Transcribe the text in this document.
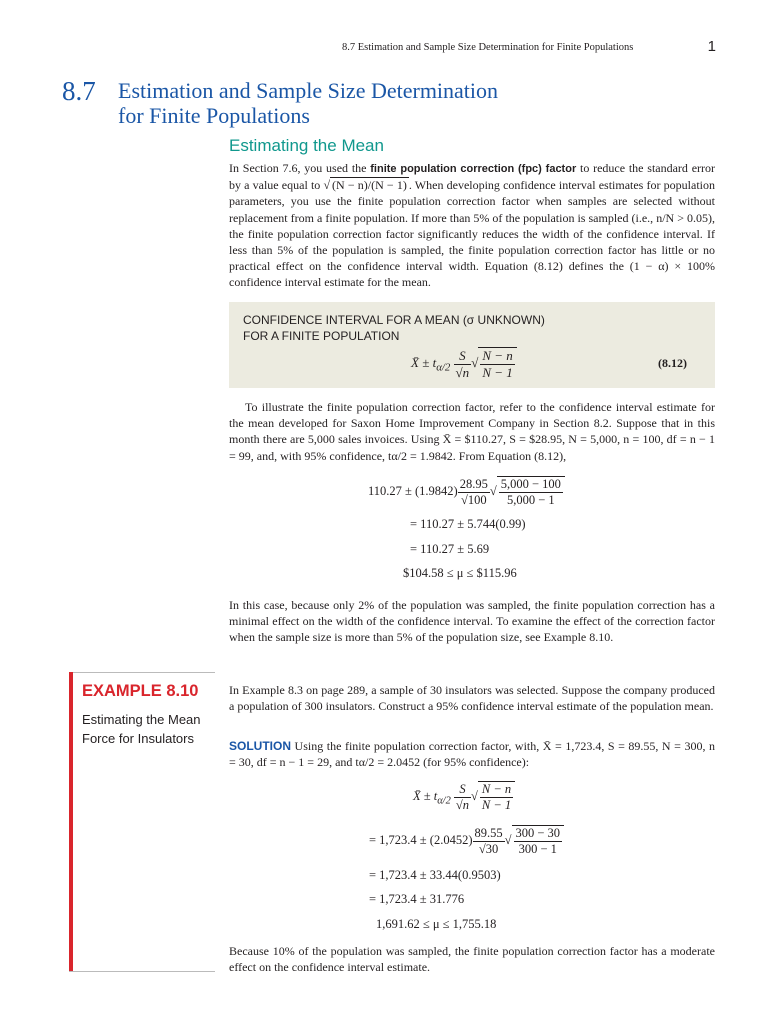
8.7 Estimation and Sample Size Determination for Finite Populations	1
8.7 Estimation and Sample Size Determination
for Finite Populations
Estimating the Mean
In Section 7.6, you used the finite population correction (fpc) factor to reduce the standard error by a value equal to √ (N − n)/(N − 1) . When developing confidence interval estimates for population parameters, you use the finite population correction factor when samples are selected without replacement from a finite population. If more than 5% of the population is sampled (i.e., n/N > 0.05), the finite population correction factor significantly reduces the width of the confidence interval. If less than 5% of the population is sampled, the finite population correction factor has little or no practical effect on the confidence interval width. Equation (8.12) defines the (1 − α) × 100% confidence interval estimate for the mean.
CONFIDENCE INTERVAL FOR A MEAN (σ UNKNOWN)
FOR A FINITE POPULATION
X̄ ± $t_{\alpha/2} \frac{S}{√n}$ √ $\frac{N - n}{N - 1}$	(8.12)
To illustrate the finite population correction factor, refer to the confidence interval estimate for the mean developed for Saxon Home Improvement Company in Section 8.2. Suppose that in this month there are 5,000 sales invoices. Using X̄ = $110.27, S = $28.95, N = 5,000, n = 100, df = n − 1 = 99, and, with 95% confidence, tα/2 = 1.9842. From Equation (8.12),
$110.27 \pm (1.9842) \frac{28.95}{√100}$ √ $\frac{5,000 - 100}{5,000 - 1}$
= 110.27 ± 5.744(0.99)
= 110.27 ± 5.69
$104.58 ≤ μ ≤ $115.96
In this case, because only 2% of the population was sampled, the finite population correction has a minimal effect on the width of the confidence interval. To examine the effect of the correction factor when the sample size is more than 5% of the population size, see Example 8.10.
EXAMPLE 8.10
Estimating the Mean Force for Insulators
In Example 8.3 on page 289, a sample of 30 insulators was selected. Suppose the company produced a population of 300 insulators. Construct a 95% confidence interval estimate of the population mean.
SOLUTION Using the finite population correction factor, with, X̄ = 1,723.4, S = 89.55, N = 300, n = 30, df = n − 1 = 29, and tα/2 = 2.0452 (for 95% confidence):
X̄ ± $t_{\alpha/2} \frac{S}{√n}$ √ $\frac{N - n}{N - 1}$
= $1,723.4 \pm (2.0452) \frac{89.55}{√30}$ √ $\frac{300 - 30}{300 - 1}$
= 1,723.4 ± 33.44(0.9503)
= 1,723.4 ± 31.776
1,691.62 ≤ μ ≤ 1,755.18
Because 10% of the population was sampled, the finite population correction factor has a moderate effect on the confidence interval estimate.
